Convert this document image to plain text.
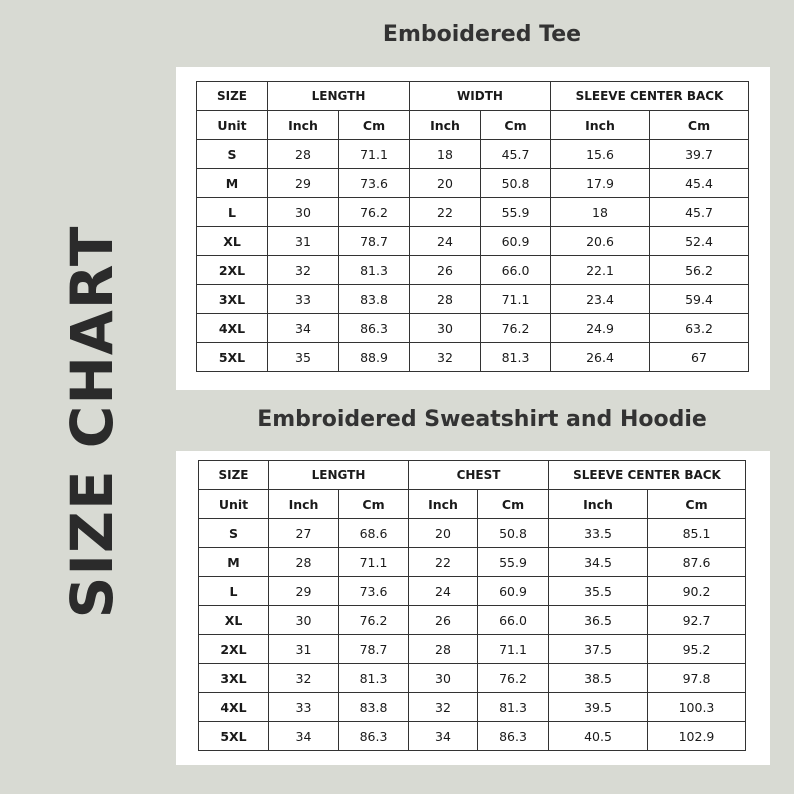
SIZE CHART
Emboidered Tee
SIZE	LENGTH		WIDTH		SLEEVE CENTER BACK	
Unit	Inch	Cm	Inch	Cm	Inch	Cm
S	28	71.1	18	45.7	15.6	39.7
M	29	73.6	20	50.8	17.9	45.4
L	30	76.2	22	55.9	18	45.7
XL	31	78.7	24	60.9	20.6	52.4
2XL	32	81.3	26	66.0	22.1	56.2
3XL	33	83.8	28	71.1	23.4	59.4
4XL	34	86.3	30	76.2	24.9	63.2
5XL	35	88.9	32	81.3	26.4	67
Embroidered Sweatshirt and Hoodie
SIZE	LENGTH		CHEST		SLEEVE CENTER BACK	
Unit	Inch	Cm	Inch	Cm	Inch	Cm
S	27	68.6	20	50.8	33.5	85.1
M	28	71.1	22	55.9	34.5	87.6
L	29	73.6	24	60.9	35.5	90.2
XL	30	76.2	26	66.0	36.5	92.7
2XL	31	78.7	28	71.1	37.5	95.2
3XL	32	81.3	30	76.2	38.5	97.8
4XL	33	83.8	32	81.3	39.5	100.3
5XL	34	86.3	34	86.3	40.5	102.9
